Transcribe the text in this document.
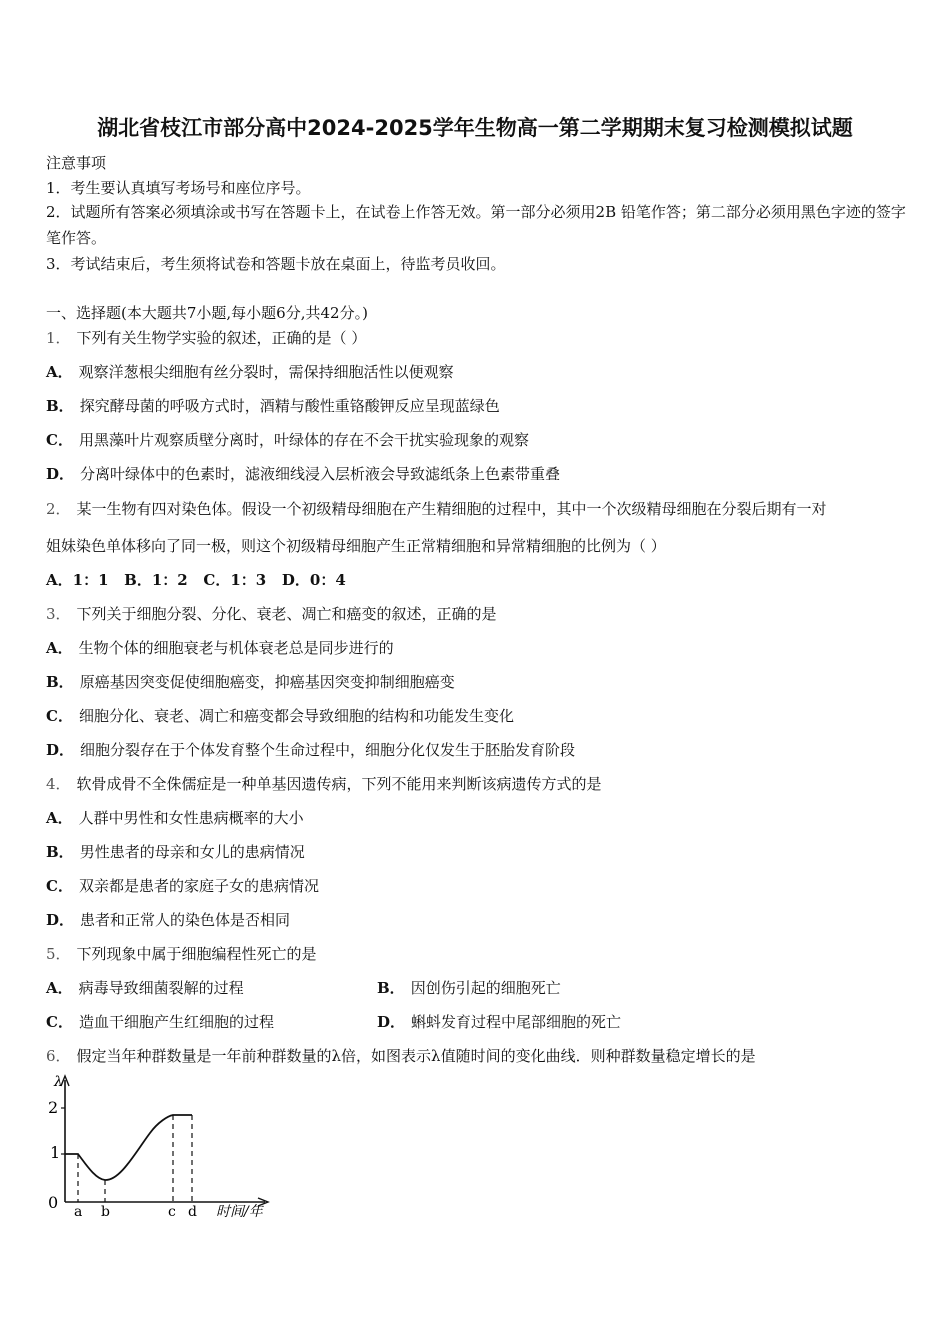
湖北省枝江市部分高中2024-2025学年生物高一第二学期期末复习检测模拟试题
注意事项
1．考生要认真填写考场号和座位序号。
2．试题所有答案必须填涂或书写在答题卡上，在试卷上作答无效。第一部分必须用2B 铅笔作答；第二部分必须用黑色字迹的签字笔作答。
3．考试结束后，考生须将试卷和答题卡放在桌面上，待监考员收回。
一、选择题(本大题共7小题,每小题6分,共42分。)
1． 下列有关生物学实验的叙述，正确的是（ ）
A． 观察洋葱根尖细胞有丝分裂时，需保持细胞活性以便观察
B． 探究酵母菌的呼吸方式时，酒精与酸性重铬酸钾反应呈现蓝绿色
C． 用黑藻叶片观察质壁分离时，叶绿体的存在不会干扰实验现象的观察
D． 分离叶绿体中的色素时，滤液细线浸入层析液会导致滤纸条上色素带重叠
2． 某一生物有四对染色体。假设一个初级精母细胞在产生精细胞的过程中，其中一个次级精母细胞在分裂后期有一对
姐妹染色单体移向了同一极，则这个初级精母细胞产生正常精细胞和异常精细胞的比例为（ ）
A．1：1   B．1：2   C．1：3   D．0：4
3． 下列关于细胞分裂、分化、衰老、凋亡和癌变的叙述，正确的是
A． 生物个体的细胞衰老与机体衰老总是同步进行的
B． 原癌基因突变促使细胞癌变，抑癌基因突变抑制细胞癌变
C． 细胞分化、衰老、凋亡和癌变都会导致细胞的结构和功能发生变化
D． 细胞分裂存在于个体发育整个生命过程中，细胞分化仅发生于胚胎发育阶段
4． 软骨成骨不全侏儒症是一种单基因遗传病，下列不能用来判断该病遗传方式的是
A． 人群中男性和女性患病概率的大小
B． 男性患者的母亲和女儿的患病情况
C． 双亲都是患者的家庭子女的患病情况
D． 患者和正常人的染色体是否相同
5． 下列现象中属于细胞编程性死亡的是
A． 病毒导致细菌裂解的过程	B． 因创伤引起的细胞死亡
C． 造血干细胞产生红细胞的过程	D． 蝌蚪发育过程中尾部细胞的死亡
6． 假定当年种群数量是一年前种群数量的λ倍，如图表示λ值随时间的变化曲线．则种群数量稳定增长的是
λ
时间/年
2
1
0 a b	c d
